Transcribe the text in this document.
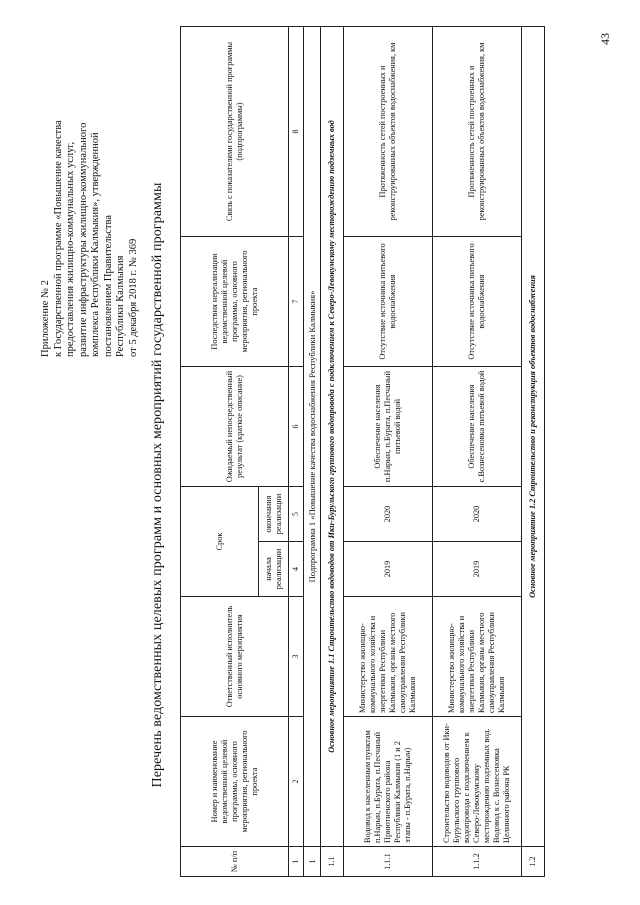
Приложение № 2 к Государственной программе «Повышение качества предоставления жилищно-коммунальных услуг, развитие инфраструктуры жилищно-коммунального комплекса Республики Калмыкия», утвержденной постановлением Правительства Республики Калмыкия от 5 декабря 2018 г. № 369 Перечень ведомственных целевых программ и основных мероприятий государственной программы
№ п/п	Номер и наименование ведомственной целевой программы, основного мероприятия, регионального проекта	Ответственный исполнитель основного мероприятия	Срок		Ожидаемый непосредственный результат (краткое описание)	Последствия нереализации ведомственной целевой программы, основного мероприятия, регионального проекта	Связь с показателями государственной программы (подпрограммы)
			начала реализации	окончания реализации			
1	2	3	4	5	6	7	8
1	Подпрограмма 1 «Повышение качества водоснабжения Республики Калмыкия»						
1.1	Основное мероприятие 1.1 Строительство водоводов от Ики-Бурульского группового водопровода с подключением к Северо-Левокумскому месторождению подземных вод						
1.1.1	Водовод к населенным пунктам п.Нарын, п.Бурата, п.Песчаный Приютненского района Республики Калмыкия (1 и 2 этапы - п.Бурата, п.Нарын)	Министерство жилищно-коммунального хозяйства и энергетики Республики Калмыкия, органы местного самоуправления Республики Калмыкия	2019	2020	Обеспечение населения п.Нарын, п.Бурата, п.Песчаный питьевой водой	Отсутствие источника питьевого водоснабжения	Протяженность сетей построенных и реконструированных объектов водоснабжения, км
1.1.2	Строительство водоводов от Ики-Бурульского группового водопровода с подключением к Северо-Левокумскому месторождению подземных вод. Водовод к с. Вознесеновка Целинного района РК	Министерство жилищно-коммунального хозяйства и энергетики Республики Калмыкия, органы местного самоуправления Республики Калмыкия	2019	2020	Обеспечение населения с.Вознесеновка питьевой водой	Отсутствие источника питьевого водоснабжения	Протяженность сетей построенных и реконструированных объектов водоснабжения, км
1.2	Основное мероприятие 1.2 Строительство и реконструкция объектов водоснабжения						
43
